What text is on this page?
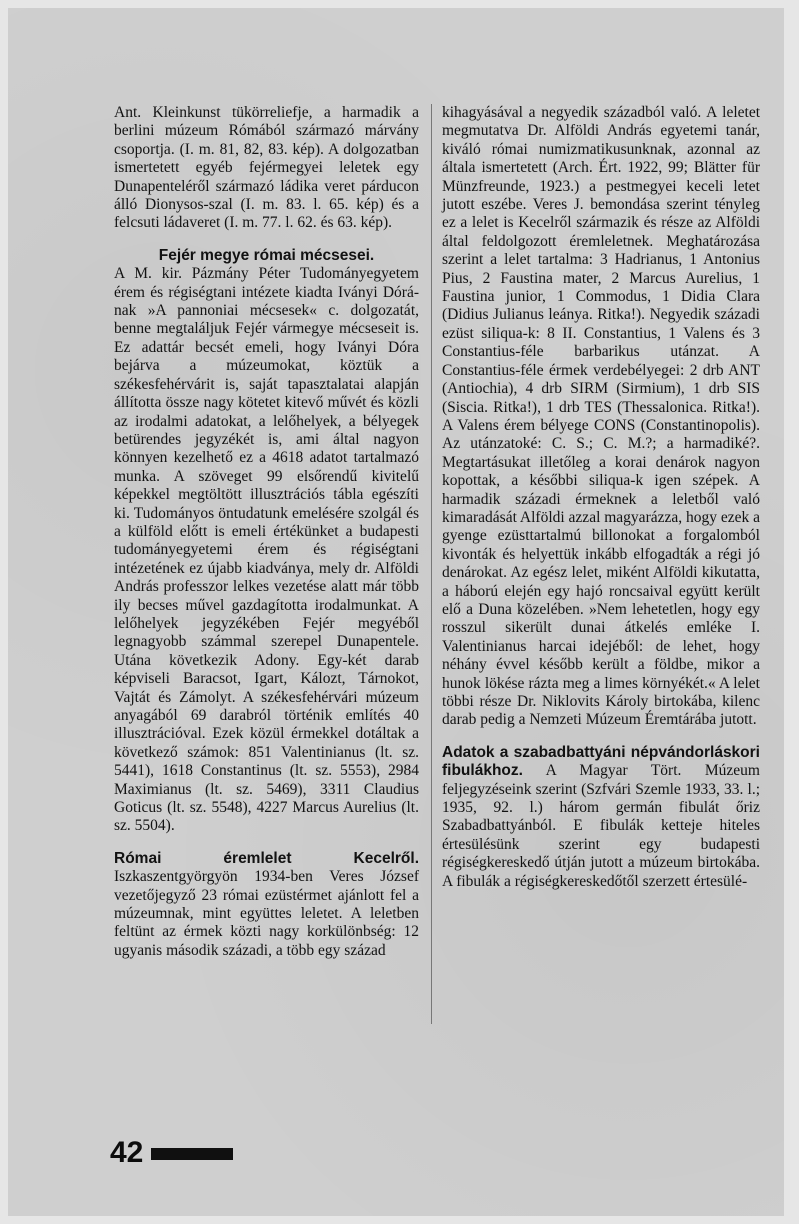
Ant. Kleinkunst tükörreliefje, a harmadik a berlini múzeum Rómából származó márvány csoportja. (I. m. 81, 82, 83. kép). A dolgozatban ismertetett egyéb fejérmegyei leletek egy Dunapenteléről származó ládika veret párducon álló Dionysos-szal (I. m. 83. l. 65. kép) és a felcsuti ládaveret (I. m. 77. l. 62. és 63. kép).

Fejér megye római mécsesei.

A M. kir. Pázmány Péter Tudományegyetem érem és régiségtani intézete kiadta Iványi Dórá-nak »A pannoniai mécsesek« c. dolgozatát, benne megtaláljuk Fejér vármegye mécseseit is. Ez adattár becsét emeli, hogy Iványi Dóra bejárva a múzeumokat, köztük a székesfehérvárit is, saját tapasztalatai alapján állította össze nagy kötetet kitevő művét és közli az irodalmi adatokat, a lelőhelyek, a bélyegek betürendes jegyzékét is, ami által nagyon könnyen kezelhető ez a 4618 adatot tartalmazó munka. A szöveget 99 elsőrendű kivitelű képekkel megtöltött illusztrációs tábla egészíti ki. Tudományos öntudatunk emelésére szolgál és a külföld előtt is emeli értékünket a budapesti tudományegyetemi érem és régiségtani intézetének ez újabb kiadványa, mely dr. Alföldi András professzor lelkes vezetése alatt már több ily becses művel gazdagította irodalmunkat. A lelőhelyek jegyzékében Fejér megyéből legnagyobb számmal szerepel Dunapentele. Utána következik Adony. Egy-két darab képviseli Baracsot, Igart, Kálozt, Tárnokot, Vajtát és Zámolyt. A székesfehérvári múzeum anyagából 69 darabról történik említés 40 illusztrációval. Ezek közül érmekkel dotáltak a következő számok: 851 Valentinianus (lt. sz. 5441), 1618 Constantinus (lt. sz. 5553), 2984 Maximianus (lt. sz. 5469), 3311 Claudius Goticus (lt. sz. 5548), 4227 Marcus Aurelius (lt. sz. 5504).

Római éremlelet Kecelről. Iszkaszentgyörgyön 1934-ben Veres József vezetőjegyző 23 római ezüstérmet ajánlott fel a múzeumnak, mint együttes leletet. A leletben feltünt az érmek közti nagy korkülönbség: 12 ugyanis második századi, a több egy század

kihagyásával a negyedik századból való. A leletet megmutatva Dr. Alföldi András egyetemi tanár, kiváló római numizmatikusunknak, azonnal az általa ismertetett (Arch. Ért. 1922, 99; Blätter für Münzfreunde, 1923.) a pestmegyei keceli letet jutott eszébe. Veres J. bemondása szerint tényleg ez a lelet is Kecelről származik és része az Alföldi által feldolgozott éremleletnek. Meghatározása szerint a lelet tartalma: 3 Hadrianus, 1 Antonius Pius, 2 Faustina mater, 2 Marcus Aurelius, 1 Faustina junior, 1 Commodus, 1 Didia Clara (Didius Julianus leánya. Ritka!). Negyedik századi ezüst siliqua-k: 8 II. Constantius, 1 Valens és 3 Constantius-féle barbarikus utánzat. A Constantius-féle érmek verdebélyegei: 2 drb ANT (Antiochia), 4 drb SIRM (Sirmium), 1 drb SIS (Siscia. Ritka!), 1 drb TES (Thessalonica. Ritka!). A Valens érem bélyege CONS (Constantinopolis). Az utánzatoké: C. S.; C. M.?; a harmadiké?. Megtartásukat illetőleg a korai denárok nagyon kopottak, a későbbi siliqua-k igen szépek. A harmadik századi érmeknek a leletből való kimaradását Alföldi azzal magyarázza, hogy ezek a gyenge ezüsttartalmú billonokat a forgalomból kivonták és helyettük inkább elfogadták a régi jó denárokat. Az egész lelet, miként Alföldi kikutatta, a háború elején egy hajó roncsaival együtt került elő a Duna közelében. »Nem lehetetlen, hogy egy rosszul sikerült dunai átkelés emléke I. Valentinianus harcai idejéből: de lehet, hogy néhány évvel később került a földbe, mikor a hunok lökése rázta meg a limes környékét.« A lelet többi része Dr. Niklovits Károly birtokába, kilenc darab pedig a Nemzeti Múzeum Éremtárába jutott.

Adatok a szabadbattyáni népvándorláskori fibulákhoz. A Magyar Tört. Múzeum feljegyzéseink szerint (Szfvári Szemle 1933, 33. l.; 1935, 92. l.) három germán fibulát őriz Szabadbattyánból. E fibulák ketteje hiteles értesülésünk szerint egy budapesti régiségkereskedő útján jutott a múzeum birtokába. A fibulák a régiségkereskedőtől szerzett értesülé-

42
